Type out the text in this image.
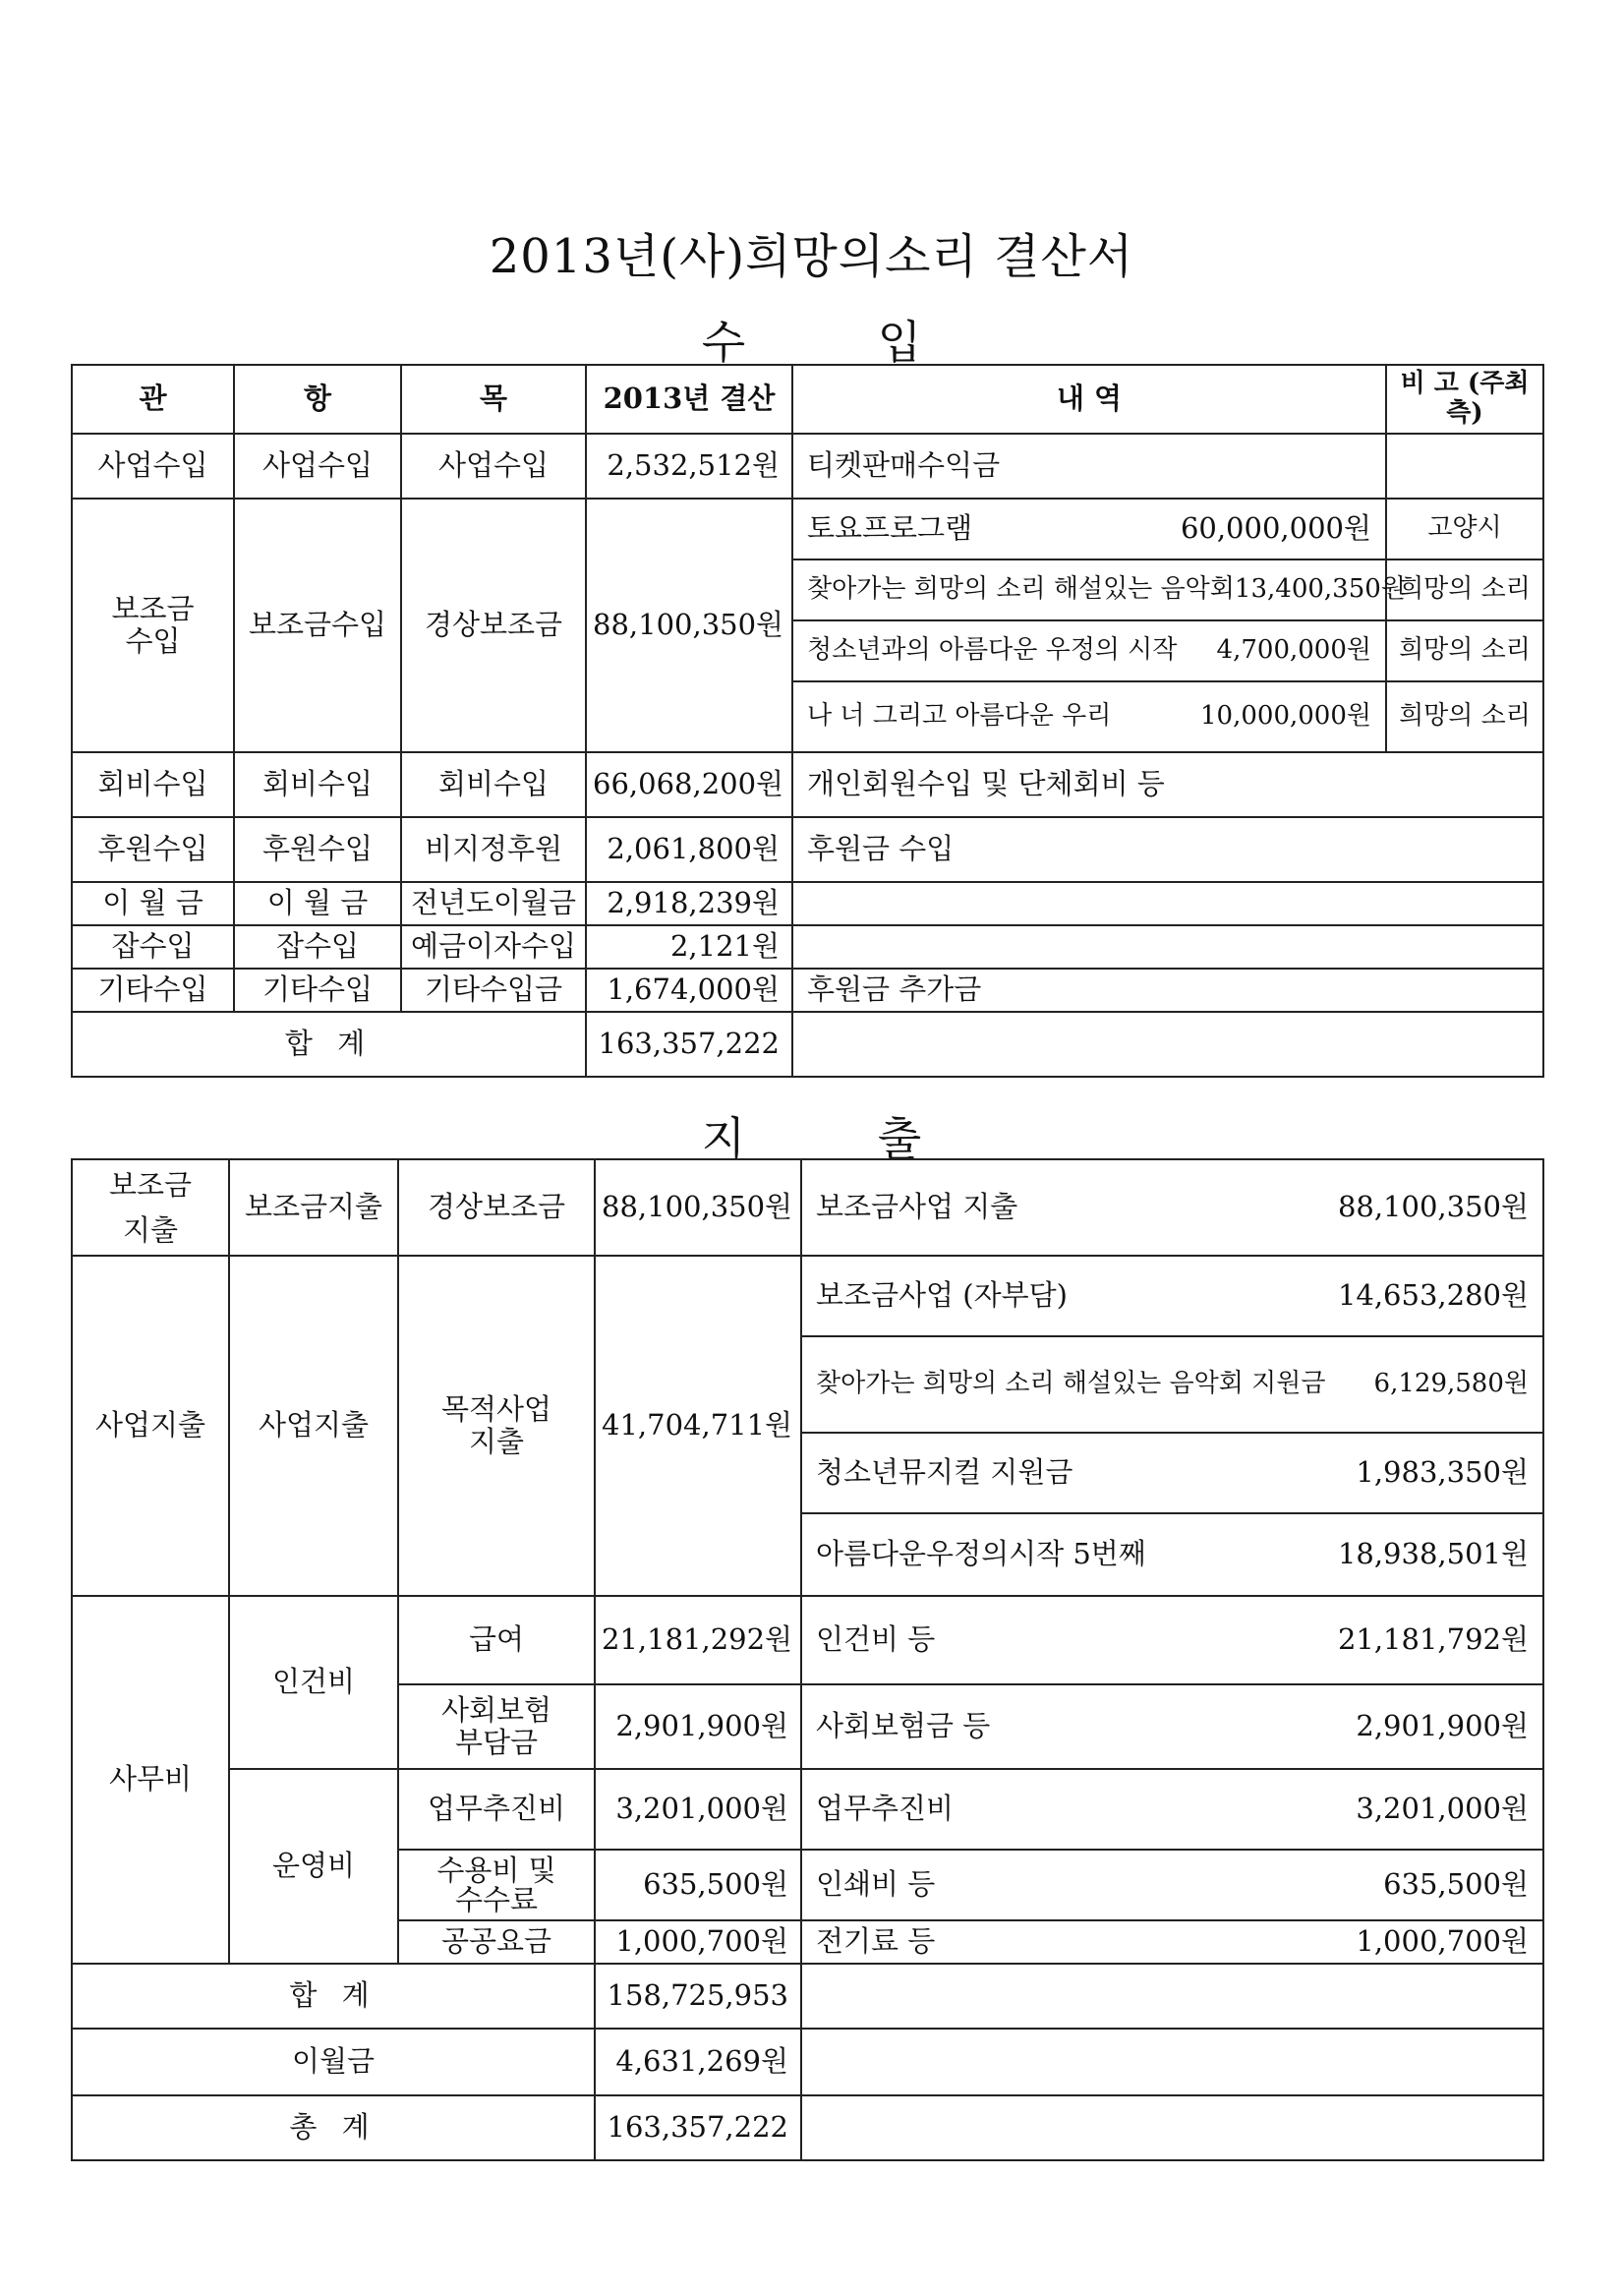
2013년(사)희망의소리 결산서
수 입
관	항	목	2013년 결산	내 역	비 고 (주최측)
사업수입	사업수입	사업수입	2,532,512원	티켓판매수익금	
보조금
수입	보조금수입	경상보조금	88,100,350원	토요프로그램 60,000,000원	고양시

				찾아가는 희망의 소리 해설있는 음악회 13,400,350원	희망의 소리

				청소년과의 아름다운 우정의 시작 4,700,000원	희망의 소리

				나 너 그리고 아름다운 우리 10,000,000원	희망의 소리
회비수입	회비수입	회비수입	66,068,200원	개인회원수입 및 단체회비 등	
후원수입	후원수입	비지정후원	2,061,800원	후원금 수입	
이 월 금	이 월 금	전년도이월금	2,918,239원		
잡수입	잡수입	예금이자수입	2,121원		
기타수입	기타수입	기타수입금	1,674,000원	후원금 추가금	
합 계			163,357,222		
지 출
보조금
지출	보조금지출	경상보조금	88,100,350원	보조금사업 지출 88,100,350원

사업지출	사업지출	목적사업
지출	41,704,711원	보조금사업 (자부담) 14,653,280원

				찾아가는 희망의 소리 해설있는 음악회 지원금 6,129,580원

				청소년뮤지컬 지원금 1,983,350원

				아름다운우정의시작 5번째 18,938,501원

사무비	인건비	급여	21,181,292원	인건비 등 21,181,792원

		사회보험
부담금	2,901,900원	사회보험금 등 2,901,900원

	운영비	업무추진비	3,201,000원	업무추진비 3,201,000원

		수용비 및
수수료	635,500원	인쇄비 등 635,500원

		공공요금	1,000,700원	전기료 등 1,000,700원

합 계			158,725,953	
이월금			4,631,269원	
총 계			163,357,222	
